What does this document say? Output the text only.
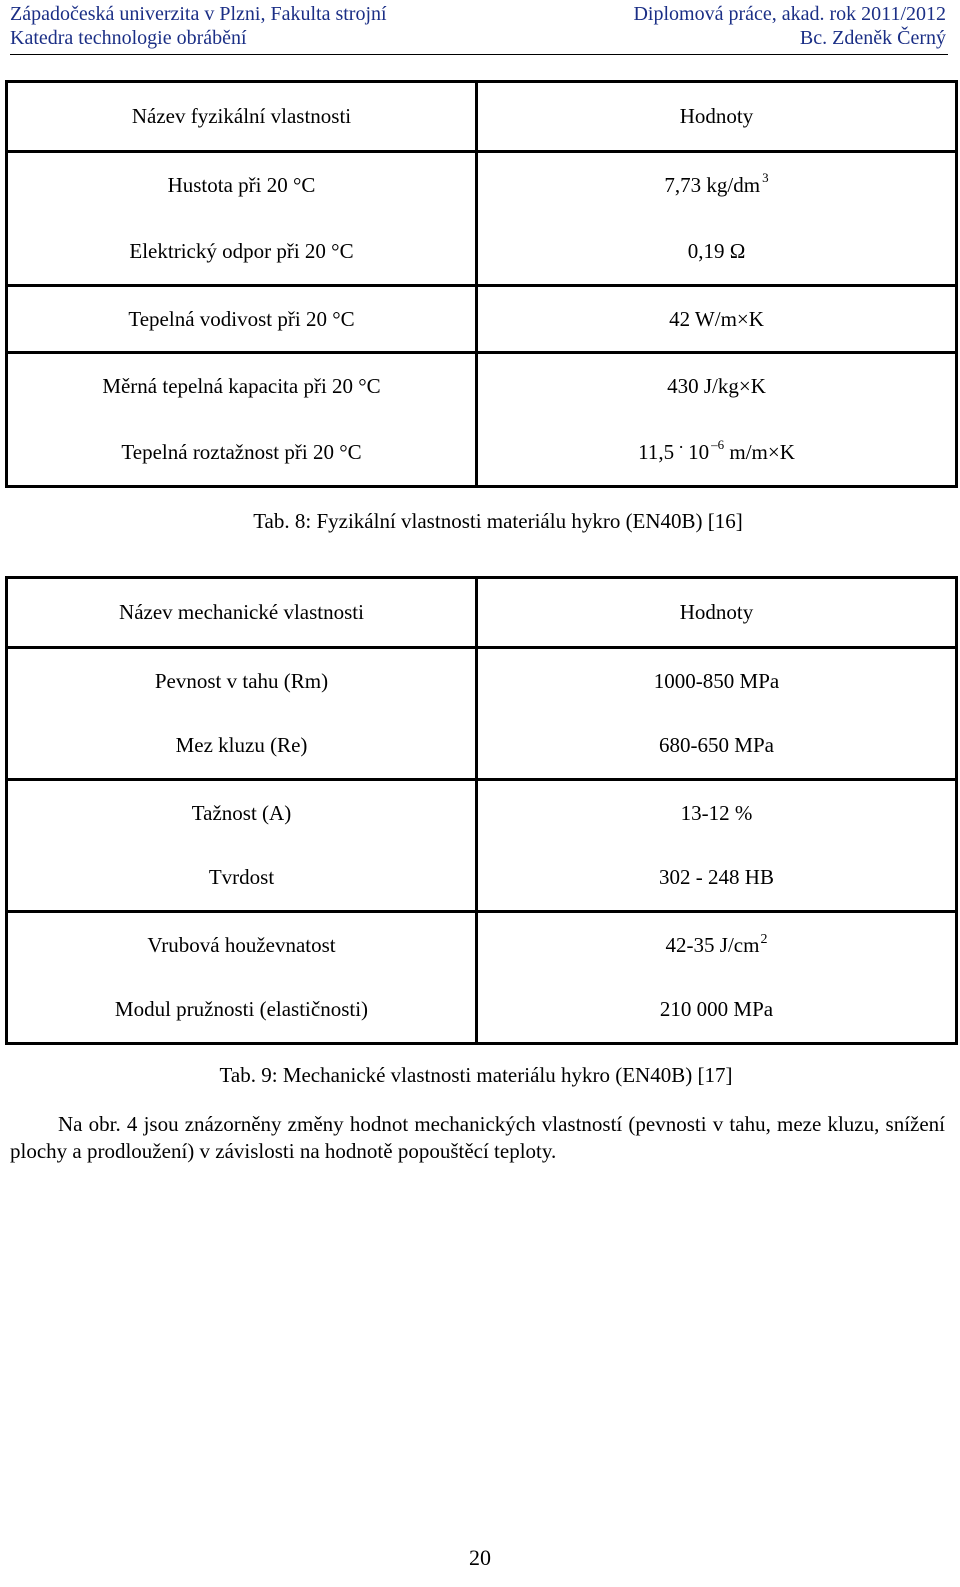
Západočeská univerzita v Plzni, Fakulta strojní	Diplomová práce, akad. rok 2011/2012
Katedra technologie obrábění	Bc. Zdeněk Černý
Název fyzikální vlastnosti	Hodnoty
Hustota při 20 °C	7,73 kg/dm $^3$
Elektrický odpor při 20 °C	0,19 Ω
Tepelná vodivost při 20 °C	42 W/m×K
Měrná tepelná kapacita při 20 °C	430 J/kg×K
Tepelná roztažnost při 20 °C	11,5 · 10 $^{-6}$ m/m×K
Tab. 8: Fyzikální vlastnosti materiálu hykro (EN40B) [16]
Název mechanické vlastnosti	Hodnoty
Pevnost v tahu (Rm)	1000-850 MPa
Mez kluzu (Re)	680-650 MPa
Tažnost (A)	13-12 %
Tvrdost	302 - 248 HB
Vrubová houževnatost	42-35 $J/cm^2$
Modul pružnosti (elastičnosti)	210 000 MPa
Tab. 9: Mechanické vlastnosti materiálu hykro (EN40B) [17]
Na obr. 4 jsou znázorněny změny hodnot mechanických vlastností (pevnosti v tahu, meze kluzu, snížení plochy a prodloužení) v závislosti na hodnotě popouštěcí teploty.
20
